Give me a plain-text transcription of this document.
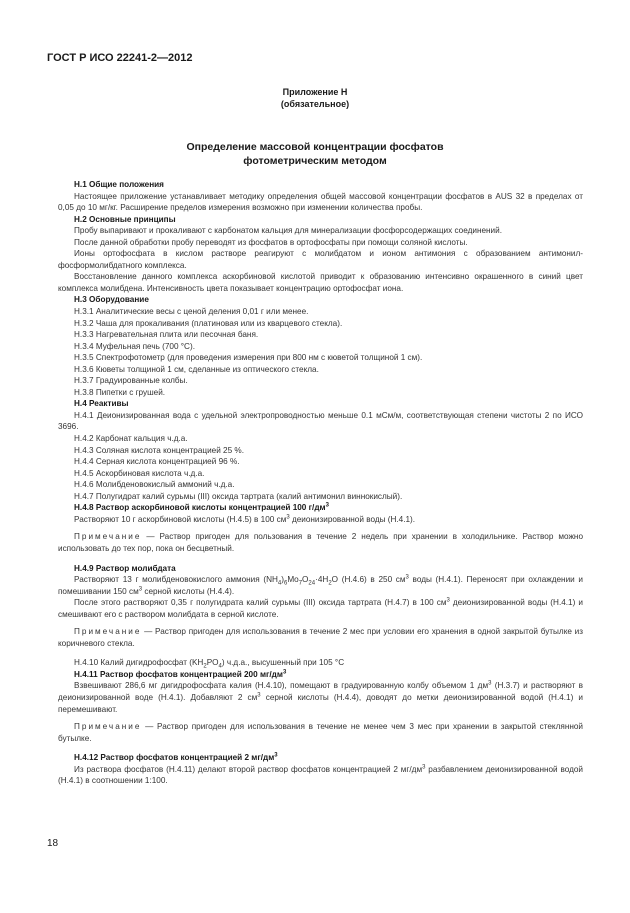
ГОСТ Р ИСО 22241-2—2012
Приложение Н
(обязательное)
Определение массовой концентрации фосфатов
фотометрическим методом

Н.1 Общие положения

Настоящее приложение устанавливает методику определения общей массовой концентрации фосфатов в AUS 32 в пределах от 0,05 до 10 мг/кг. Расширение пределов измерения возможно при изменении количества пробы.

Н.2 Основные принципы

Пробу выпаривают и прокаливают с карбонатом кальция для минерализации фосфорсодержащих соединений.

После данной обработки пробу переводят из фосфатов в ортофосфаты при помощи соляной кислоты.

Ионы ортофосфата в кислом растворе реагируют с молибдатом и ионом антимония с образованием антимонил-фосформолибдатного комплекса.

Восстановление данного комплекса аскорбиновой кислотой приводит к образованию интенсивно окрашенного в синий цвет комплекса молибдена. Интенсивность цвета показывает концентрацию ортофосфат иона.

Н.3 Оборудование

Н.3.1 Аналитические весы с ценой деления 0,01 г или менее.

Н.3.2 Чаша для прокаливания (платиновая или из кварцевого стекла).

Н.3.3 Нагревательная плита или песочная баня.

Н.3.4 Муфельная печь (700 °С).

Н.3.5 Спектрофотометр (для проведения измерения при 800 нм с кюветой толщиной 1 см).

Н.3.6 Кюветы толщиной 1 см, сделанные из оптического стекла.

Н.3.7 Градуированные колбы.

Н.3.8 Пипетки с грушей.

Н.4 Реактивы

Н.4.1 Деионизированная вода с удельной электропроводностью меньше 0.1 мСм/м, соответствующая степени чистоты 2 по ИСО 3696.

Н.4.2 Карбонат кальция ч.д.а.

Н.4.3 Соляная кислота концентрацией 25 %.

Н.4.4 Серная кислота концентрацией 96 %.

Н.4.5 Аскорбиновая кислота ч.д.а.

Н.4.6 Молибденовокислый аммоний ч.д.а.

Н.4.7 Полугидрат калий сурьмы (III) оксида тартрата (калий антимонил виннокислый).

Н.4.8 Раствор аскорбиновой кислоты концентрацией 100 $г/дм^3$

Растворяют 10 г аскорбиновой кислоты (Н.4.5) в 100 $см^3$ деионизированной воды (Н.4.1).

Примечание — Раствор пригоден для пользования в течение 2 недель при хранении в холодильнике. Раствор можно использовать до тех пор, пока он бесцветный.

Н.4.9 Раствор молибдата

Растворяют 13 г молибденовокислого аммония $(NH_4)_6Mo_7O_{24}\cdot 4H_2O$ (Н.4.6) в 250 $см^3$ воды (Н.4.1). Переносят при охлаждении и помешивании 150 $см^3$ серной кислоты (Н.4.4).

После этого растворяют 0,35 г полугидрата калий сурьмы (III) оксида тартрата (Н.4.7) в 100 $см^3$ деионизированной воды (Н.4.1) и смешивают его с раствором молибдата в серной кислоте.

Примечание — Раствор пригоден для использования в течение 2 мес при условии его хранения в одной закрытой бутылке из коричневого стекла.

Н.4.10 Калий дигидрофосфат $(KH_2PO_4)$ ч.д.а., высушенный при 105 °С

Н.4.11 Раствор фосфатов концентрацией 200 $мг/дм^3$

Взвешивают 286,6 мг дигидрофосфата калия (Н.4.10), помещают в градуированную колбу объемом 1 $дм^3$ (Н.3.7) и растворяют в деионизированной воде (Н.4.1). Добавляют 2 $см^3$ серной кислоты (Н.4.4), доводят до метки деионизированной водой (Н.4.1) и перемешивают.

Примечание — Раствор пригоден для использования в течение не менее чем 3 мес при хранении в закрытой стеклянной бутылке.

Н.4.12 Раствор фосфатов концентрацией 2 $мг/дм^3$

Из раствора фосфатов (Н.4.11) делают второй раствор фосфатов концентрацией 2 $мг/дм^3$ разбавлением деионизированной водой (Н.4.1) в соотношении 1:100.

18
